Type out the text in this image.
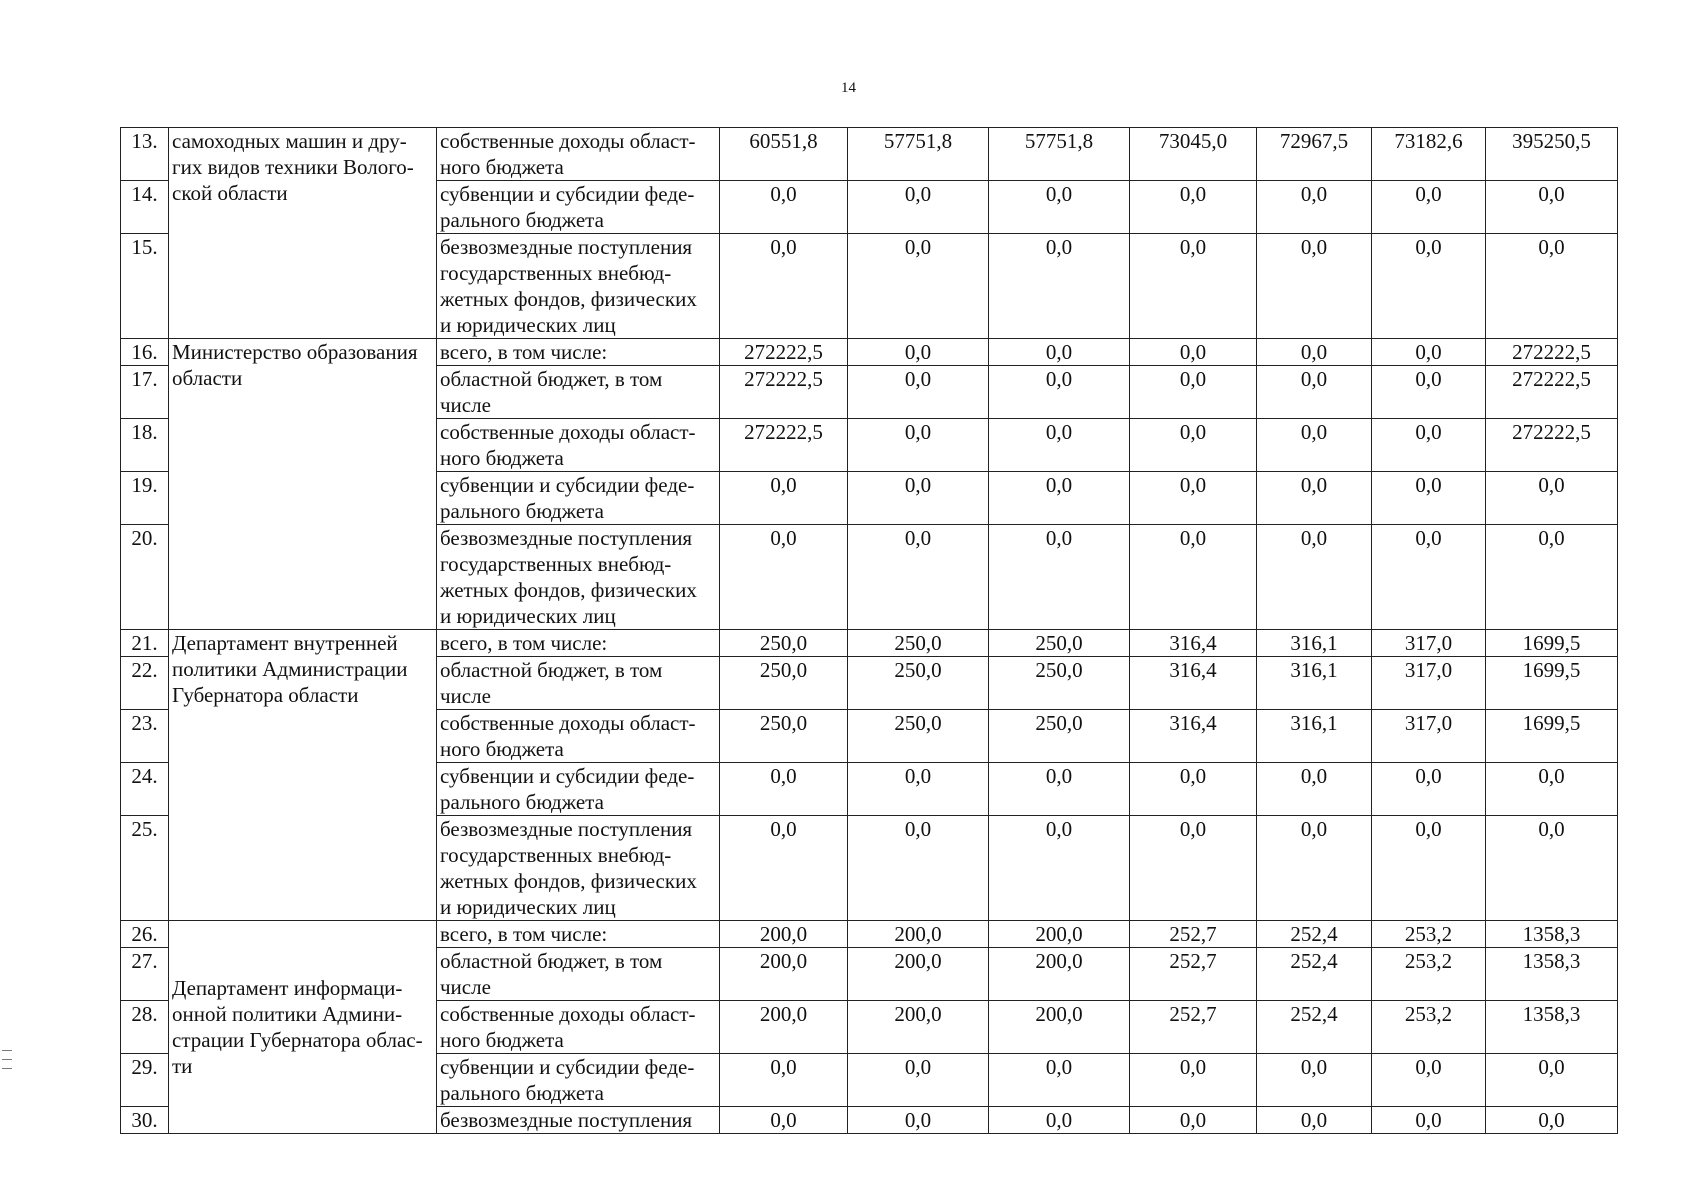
14
13.	самоходных машин и дру-
гих видов техники Волого-
ской области	собственные доходы област-
ного бюджета	60551,8	57751,8	57751,8	73045,0	72967,5	73182,6	395250,5
14.		субвенции и субсидии феде-
рального бюджета	0,0	0,0	0,0	0,0	0,0	0,0	0,0
15.		безвозмездные поступления
государственных внебюд-
жетных фондов, физических
и юридических лиц	0,0	0,0	0,0	0,0	0,0	0,0	0,0
16.	Министерство образования
области	всего, в том числе:	272222,5	0,0	0,0	0,0	0,0	0,0	272222,5
17.		областной бюджет, в том
числе	272222,5	0,0	0,0	0,0	0,0	0,0	272222,5
18.		собственные доходы област-
ного бюджета	272222,5	0,0	0,0	0,0	0,0	0,0	272222,5
19.		субвенции и субсидии феде-
рального бюджета	0,0	0,0	0,0	0,0	0,0	0,0	0,0
20.		безвозмездные поступления
государственных внебюд-
жетных фондов, физических
и юридических лиц	0,0	0,0	0,0	0,0	0,0	0,0	0,0
21.	Департамент внутренней
политики Администрации
Губернатора области	всего, в том числе:	250,0	250,0	250,0	316,4	316,1	317,0	1699,5
22.		областной бюджет, в том
числе	250,0	250,0	250,0	316,4	316,1	317,0	1699,5
23.		собственные доходы област-
ного бюджета	250,0	250,0	250,0	316,4	316,1	317,0	1699,5
24.		субвенции и субсидии феде-
рального бюджета	0,0	0,0	0,0	0,0	0,0	0,0	0,0
25.		безвозмездные поступления
государственных внебюд-
жетных фондов, физических
и юридических лиц	0,0	0,0	0,0	0,0	0,0	0,0	0,0
26.	Департамент информаци-
онной политики Админи-
страции Губернатора облас-
ти	всего, в том числе:	200,0	200,0	200,0	252,7	252,4	253,2	1358,3
27.		областной бюджет, в том
числе	200,0	200,0	200,0	252,7	252,4	253,2	1358,3
28.		собственные доходы област-
ного бюджета	200,0	200,0	200,0	252,7	252,4	253,2	1358,3
29.		субвенции и субсидии феде-
рального бюджета	0,0	0,0	0,0	0,0	0,0	0,0	0,0
30.		безвозмездные поступления	0,0	0,0	0,0	0,0	0,0	0,0	0,0
